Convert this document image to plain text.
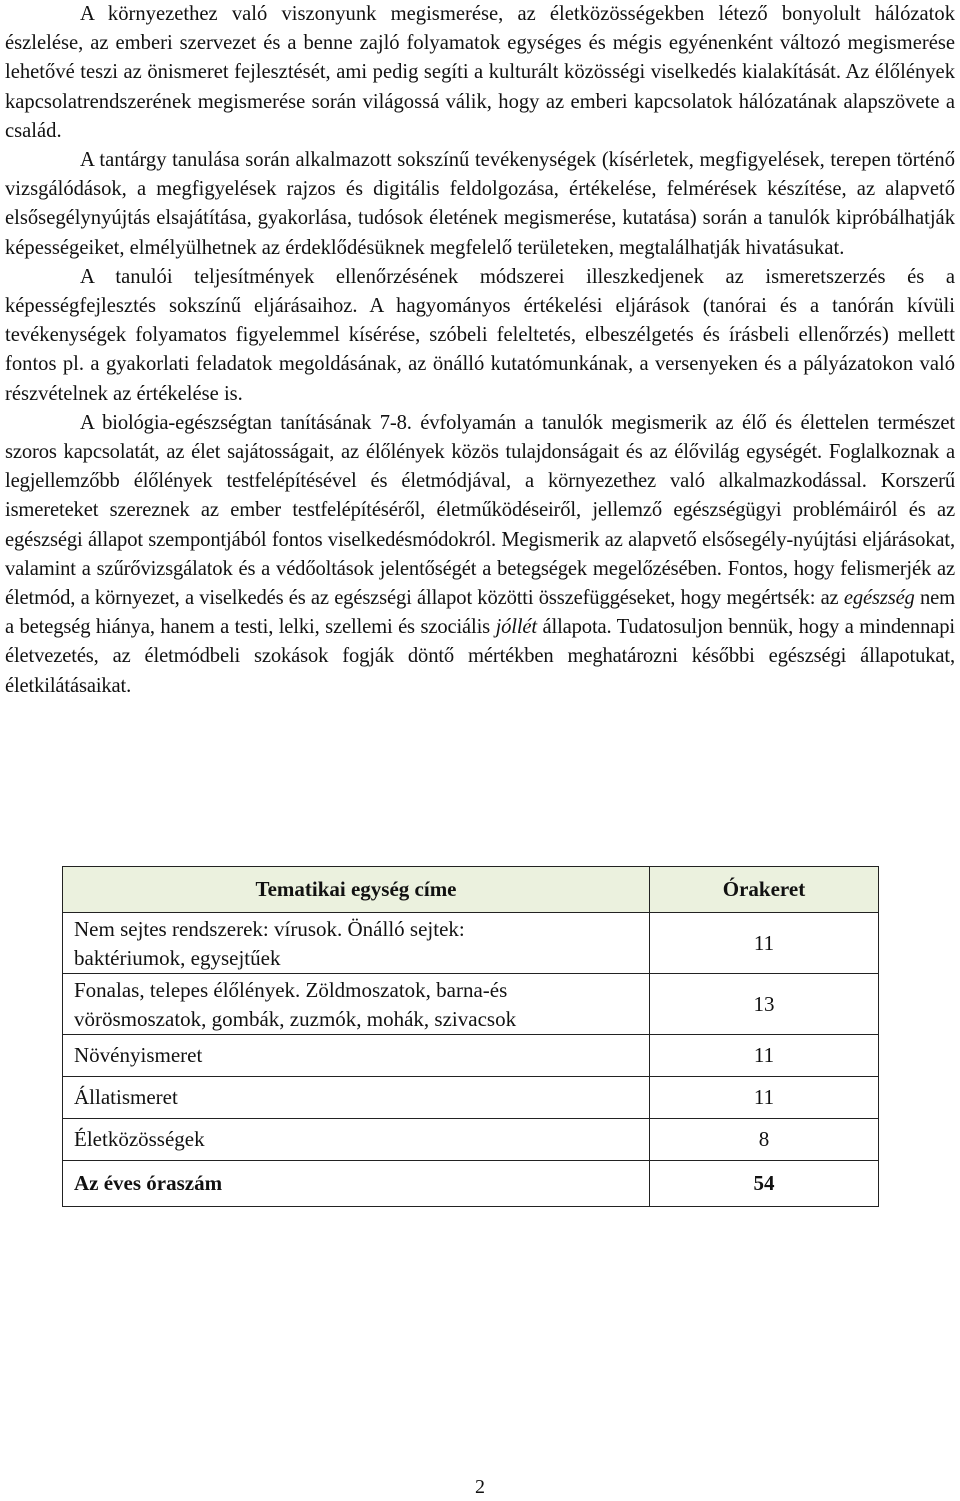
A környezethez való viszonyunk megismerése, az életközösségekben létező bonyolult hálózatok észlelése, az emberi szervezet és a benne zajló folyamatok egységes és mégis egyénenként változó megismerése lehetővé teszi az önismeret fejlesztését, ami pedig segíti a kulturált közösségi viselkedés kialakítását. Az élőlények kapcsolatrendszerének megismerése során világossá válik, hogy az emberi kapcsolatok hálózatának alapszövete a család.

A tantárgy tanulása során alkalmazott sokszínű tevékenységek (kísérletek, megfigyelések, terepen történő vizsgálódások, a megfigyelések rajzos és digitális feldolgozása, értékelése, felmérések készítése, az alapvető elsősegélynyújtás elsajátítása, gyakorlása, tudósok életének megismerése, kutatása) során a tanulók kipróbálhatják képességeiket, elmélyülhetnek az érdeklődésüknek megfelelő területeken, megtalálhatják hivatásukat.

A tanulói teljesítmények ellenőrzésének módszerei illeszkedjenek az ismeretszerzés és a képességfejlesztés sokszínű eljárásaihoz. A hagyományos értékelési eljárások (tanórai és a tanórán kívüli tevékenységek folyamatos figyelemmel kísérése, szóbeli feleltetés, elbeszélgetés és írásbeli ellenőrzés) mellett fontos pl. a gyakorlati feladatok megoldásának, az önálló kutatómunkának, a versenyeken és a pályázatokon való részvételnek az értékelése is.

A biológia-egészségtan tanításának 7-8. évfolyamán a tanulók megismerik az élő és élettelen természet szoros kapcsolatát, az élet sajátosságait, az élőlények közös tulajdonságait és az élővilág egységét. Foglalkoznak a legjellemzőbb élőlények testfelépítésével és életmódjával, a környezethez való alkalmazkodással. Korszerű ismereteket szereznek az ember testfelépítéséről, életműködéseiről, jellemző egészségügyi problémáiról és az egészségi állapot szempontjából fontos viselkedésmódokról. Megismerik az alapvető elsősegély-nyújtási eljárásokat, valamint a szűrővizsgálatok és a védőoltások jelentőségét a betegségek megelőzésében. Fontos, hogy felismerjék az életmód, a környezet, a viselkedés és az egészségi állapot közötti összefüggéseket, hogy megértsék: az egészség nem a betegség hiánya, hanem a testi, lelki, szellemi és szociális jóllét állapota. Tudatosuljon bennük, hogy a mindennapi életvezetés, az életmódbeli szokások fogják döntő mértékben meghatározni későbbi egészségi állapotukat, életkilátásaikat.

Tematikai egység címe	Órakeret
Nem sejtes rendszerek: vírusok. Önálló sejtek:
baktériumok, egysejtűek	11
Fonalas, telepes élőlények. Zöldmoszatok, barna-és
vörösmoszatok, gombák, zuzmók, mohák, szivacsok	13
Növényismeret	11
Állatismeret	11
Életközösségek	8
Az éves óraszám	54
2
